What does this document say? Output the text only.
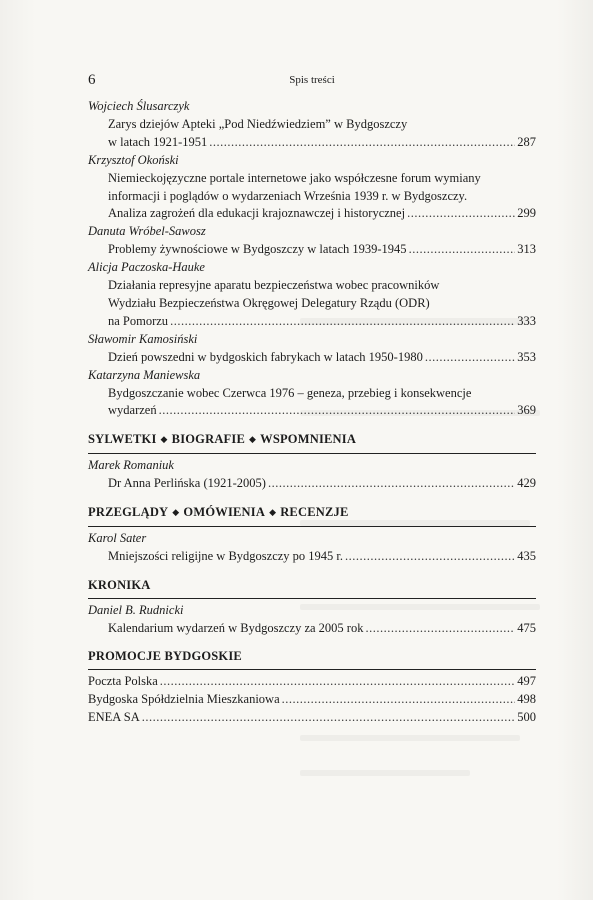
6	Spis treści
Wojciech Ślusarczyk
Zarys dziejów Apteki „Pod Niedźwiedziem” w Bydgoszczy
w latach 1921-1951 .....	287
Krzysztof Okoński
Niemieckojęzyczne portale internetowe jako współczesne forum wymiany
informacji i poglądów o wydarzeniach Września 1939 r. w Bydgoszczy.
Analiza zagrożeń dla edukacji krajoznawczej i historycznej .....	299
Danuta Wróbel-Sawosz
Problemy żywnościowe w Bydgoszczy w latach 1939-1945 .....	313
Alicja Paczoska-Hauke
Działania represyjne aparatu bezpieczeństwa wobec pracowników
Wydziału Bezpieczeństwa Okręgowej Delegatury Rządu (ODR)
na Pomorzu .....	333
Sławomir Kamosiński
Dzień powszedni w bydgoskich fabrykach w latach 1950-1980 .....	353
Katarzyna Maniewska
Bydgoszczanie wobec Czerwca 1976 – geneza, przebieg i konsekwencje
wydarzeń .....	369
SYLWETKI ◆ BIOGRAFIE ◆ WSPOMNIENIA
Marek Romaniuk
Dr Anna Perlińska (1921-2005) .....	429
PRZEGLĄDY ◆ OMÓWIENIA ◆ RECENZJE
Karol Sater
Mniejszości religijne w Bydgoszczy po 1945 r. .....	435
KRONIKA
Daniel B. Rudnicki
Kalendarium wydarzeń w Bydgoszczy za 2005 rok .....	475
PROMOCJE BYDGOSKIE
Poczta Polska .....	497
Bydgoska Spółdzielnia Mieszkaniowa .....	498
ENEA SA .....	500
